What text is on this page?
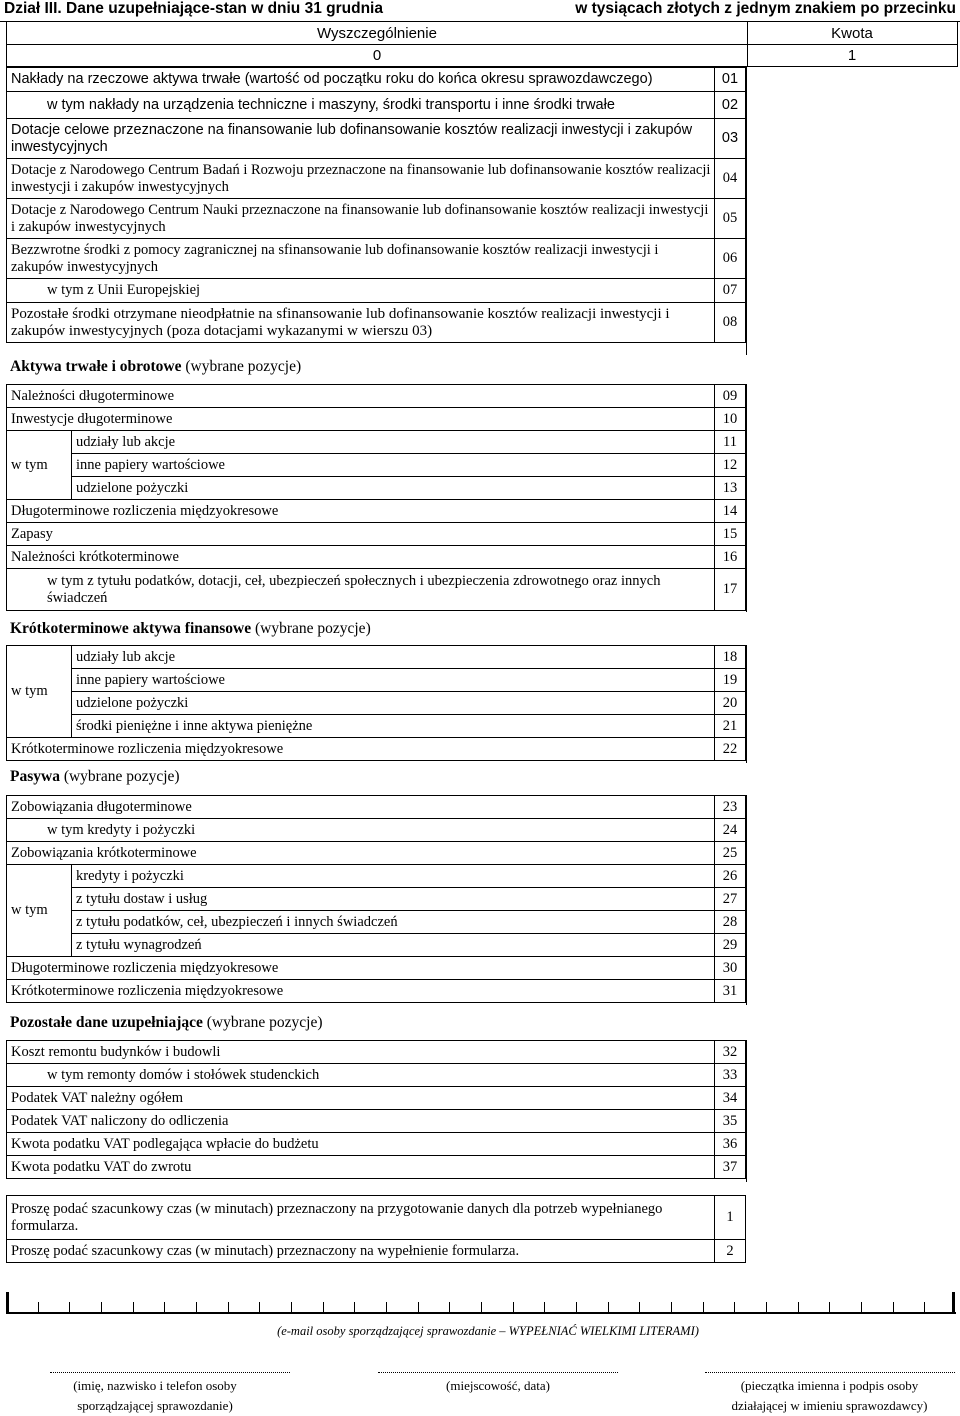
Dział III. Dane uzupełniające-stan w dniu 31 grudnia	w tysiącach złotych z jednym znakiem po przecinku
Wyszczególnienie	Kwota
0	1
Nakłady na rzeczowe aktywa trwałe (wartość od początku roku do końca okresu sprawozdawczego)	01
w tym nakłady na urządzenia techniczne i maszyny, środki transportu i inne środki trwałe	02
Dotacje celowe przeznaczone na finansowanie lub dofinansowanie kosztów realizacji inwestycji i zakupów inwestycyjnych	03
Dotacje z Narodowego Centrum Badań i Rozwoju przeznaczone na finansowanie lub dofinansowanie kosztów realizacji inwestycji i zakupów inwestycyjnych	04
Dotacje z Narodowego Centrum Nauki przeznaczone na finansowanie lub dofinansowanie kosztów realizacji inwestycji i zakupów inwestycyjnych	05
Bezzwrotne środki z pomocy zagranicznej na sfinansowanie lub dofinansowanie kosztów realizacji inwestycji i zakupów inwestycyjnych	06
w tym z Unii Europejskiej	07
Pozostałe środki otrzymane nieodpłatnie na sfinansowanie lub dofinansowanie kosztów realizacji inwestycji i zakupów inwestycyjnych (poza dotacjami wykazanymi w wierszu 03)	08
Aktywa trwałe i obrotowe (wybrane pozycje)
Należności długoterminowe		09
Inwestycje długoterminowe		10
w tym	udziały lub akcje	11
	inne papiery wartościowe	12
	udzielone pożyczki	13
Długoterminowe rozliczenia międzyokresowe		14
Zapasy		15
Należności krótkoterminowe		16
w tym z tytułu podatków, dotacji, ceł, ubezpieczeń społecznych i ubezpieczenia zdrowotnego oraz innych świadczeń		17
Krótkoterminowe aktywa finansowe (wybrane pozycje)
w tym	udziały lub akcje	18
	inne papiery wartościowe	19
	udzielone pożyczki	20
	środki pieniężne i inne aktywa pieniężne	21
Krótkoterminowe rozliczenia międzyokresowe		22
Pasywa (wybrane pozycje)
Zobowiązania długoterminowe		23
w tym kredyty i pożyczki		24
Zobowiązania krótkoterminowe		25
w tym	kredyty i pożyczki	26
	z tytułu dostaw i usług	27
	z tytułu podatków, ceł, ubezpieczeń i innych świadczeń	28
	z tytułu wynagrodzeń	29
Długoterminowe rozliczenia międzyokresowe		30
Krótkoterminowe rozliczenia międzyokresowe		31
Pozostałe dane uzupełniające (wybrane pozycje)
Koszt remontu budynków i budowli	32
w tym remonty domów i stołówek studenckich	33
Podatek VAT należny ogółem	34
Podatek VAT naliczony do odliczenia	35
Kwota podatku VAT podlegająca wpłacie do budżetu	36
Kwota podatku VAT do zwrotu	37
Proszę podać szacunkowy czas (w minutach) przeznaczony na przygotowanie danych dla potrzeb wypełnianego formularza.	1
Proszę podać szacunkowy czas (w minutach) przeznaczony na wypełnienie formularza.	2
(e-mail osoby sporządzającej sprawozdanie – WYPEŁNIAĆ WIELKIMI LITERAMI)
(imię, nazwisko i telefon osoby sporządzającej sprawozdanie)
(miejscowość, data)	(pieczątka imienna i podpis osoby działającej w imieniu sprawozdawcy)
